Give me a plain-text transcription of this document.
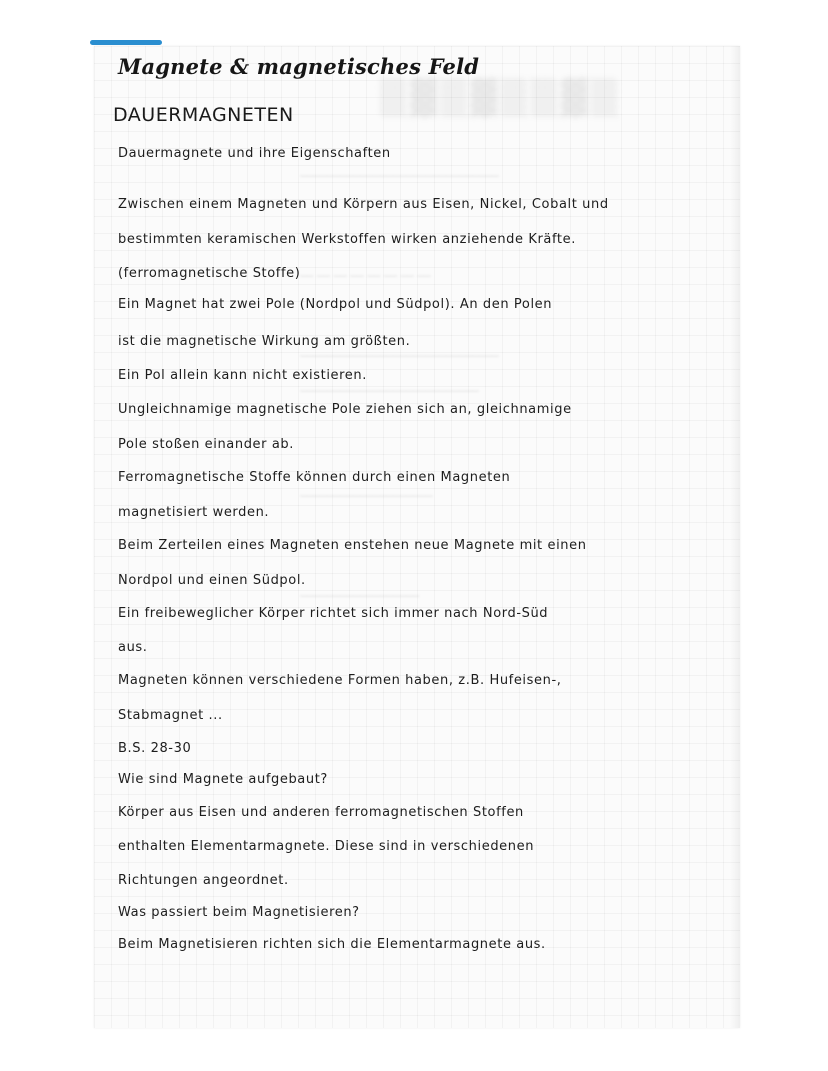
▒▓▒▓▒▒▓▒
━━━━━━━━━━━━━━━━━━━━━━━━━━━━━━
━━ ━━ ━━ ━━ ━━ ━━ ━━ ━━
━━━━━━━━━━━━━━━━━━━━━━━━━━━━━━
━━━━━━━━━━━━━━━━━━━━━━━━━━━
━━━━━━━━━━━━━━━━━━━━
━━━━━━━━━━━━━━━━━━
Magnete & magnetisches Feld
DAUERMAGNETEN

Dauermagnete und ihre Eigenschaften

Zwischen einem Magneten und Körpern aus Eisen, Nickel, Cobalt und

bestimmten keramischen Werkstoffen wirken anziehende Kräfte.

(ferromagnetische Stoffe)

Ein Magnet hat zwei Pole (Nordpol und Südpol). An den Polen

ist die magnetische Wirkung am größten.

Ein Pol allein kann nicht existieren.

Ungleichnamige magnetische Pole ziehen sich an, gleichnamige

Pole stoßen einander ab.

Ferromagnetische Stoffe können durch einen Magneten

magnetisiert werden.

Beim Zerteilen eines Magneten enstehen neue Magnete mit einen

Nordpol und einen Südpol.

Ein freibeweglicher Körper richtet sich immer nach Nord-Süd

aus.

Magneten können verschiedene Formen haben, z.B. Hufeisen-,

Stabmagnet ...

B.S. 28-30

Wie sind Magnete aufgebaut?

Körper aus Eisen und anderen ferromagnetischen Stoffen

enthalten Elementarmagnete. Diese sind in verschiedenen

Richtungen angeordnet.

Was passiert beim Magnetisieren?

Beim Magnetisieren richten sich die Elementarmagnete aus.
